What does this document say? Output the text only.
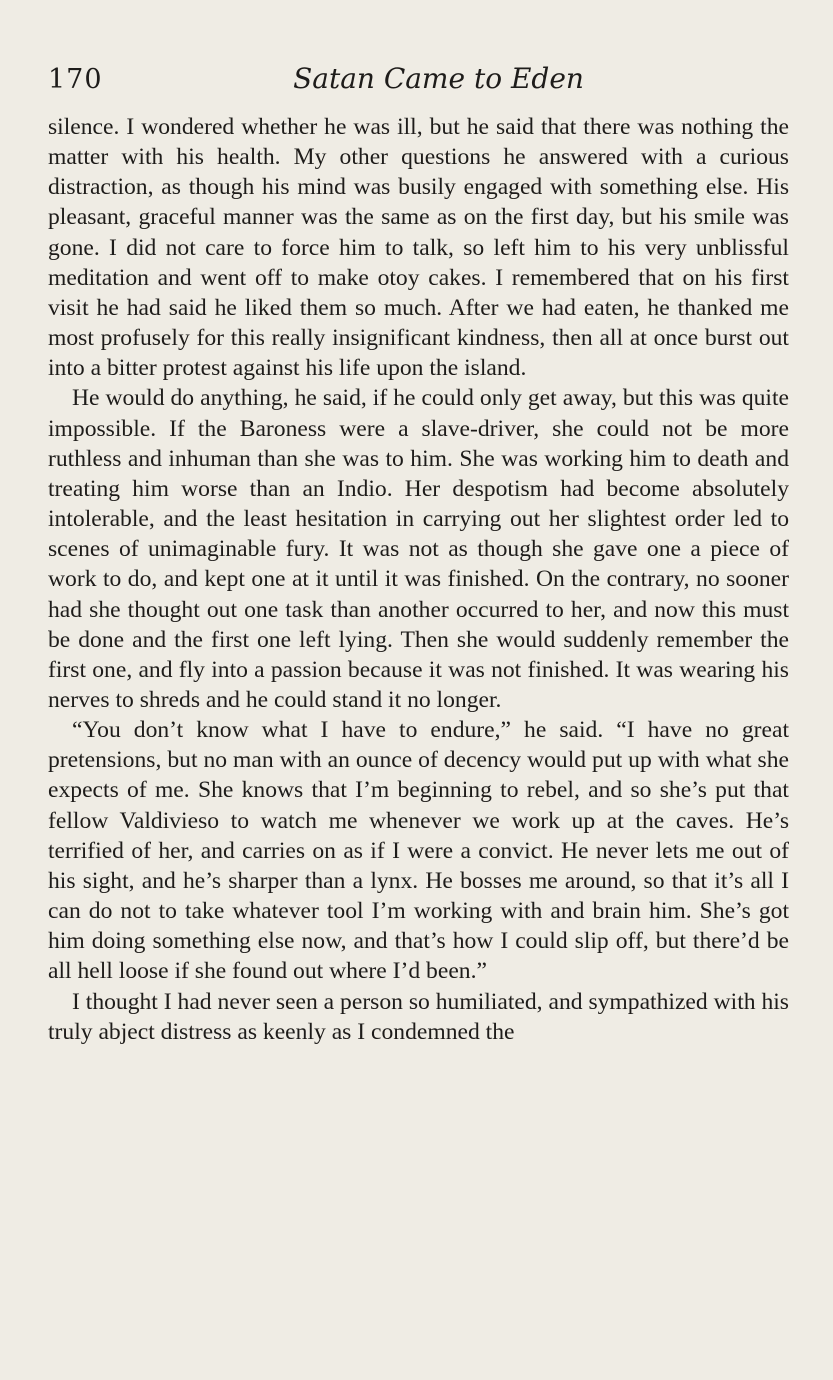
170	Satan Came to Eden

silence. I wondered whether he was ill, but he said that there was nothing the matter with his health. My other questions he answered with a curious distraction, as though his mind was busily engaged with something else. His pleasant, graceful manner was the same as on the first day, but his smile was gone. I did not care to force him to talk, so left him to his very unblissful meditation and went off to make otoy cakes. I remembered that on his first visit he had said he liked them so much. After we had eaten, he thanked me most profusely for this really insignificant kindness, then all at once burst out into a bitter protest against his life upon the island.

He would do anything, he said, if he could only get away, but this was quite impossible. If the Baroness were a slave-driver, she could not be more ruthless and inhuman than she was to him. She was working him to death and treating him worse than an Indio. Her despotism had become absolutely intolerable, and the least hesitation in carrying out her slightest order led to scenes of unimaginable fury. It was not as though she gave one a piece of work to do, and kept one at it until it was finished. On the contrary, no sooner had she thought out one task than another occurred to her, and now this must be done and the first one left lying. Then she would suddenly remember the first one, and fly into a passion because it was not finished. It was wearing his nerves to shreds and he could stand it no longer.

“You don’t know what I have to endure,” he said. “I have no great pretensions, but no man with an ounce of decency would put up with what she expects of me. She knows that I’m beginning to rebel, and so she’s put that fellow Valdivieso to watch me whenever we work up at the caves. He’s terrified of her, and carries on as if I were a convict. He never lets me out of his sight, and he’s sharper than a lynx. He bosses me around, so that it’s all I can do not to take whatever tool I’m working with and brain him. She’s got him doing something else now, and that’s how I could slip off, but there’d be all hell loose if she found out where I’d been.”

I thought I had never seen a person so humiliated, and sympathized with his truly abject distress as keenly as I condemned the
